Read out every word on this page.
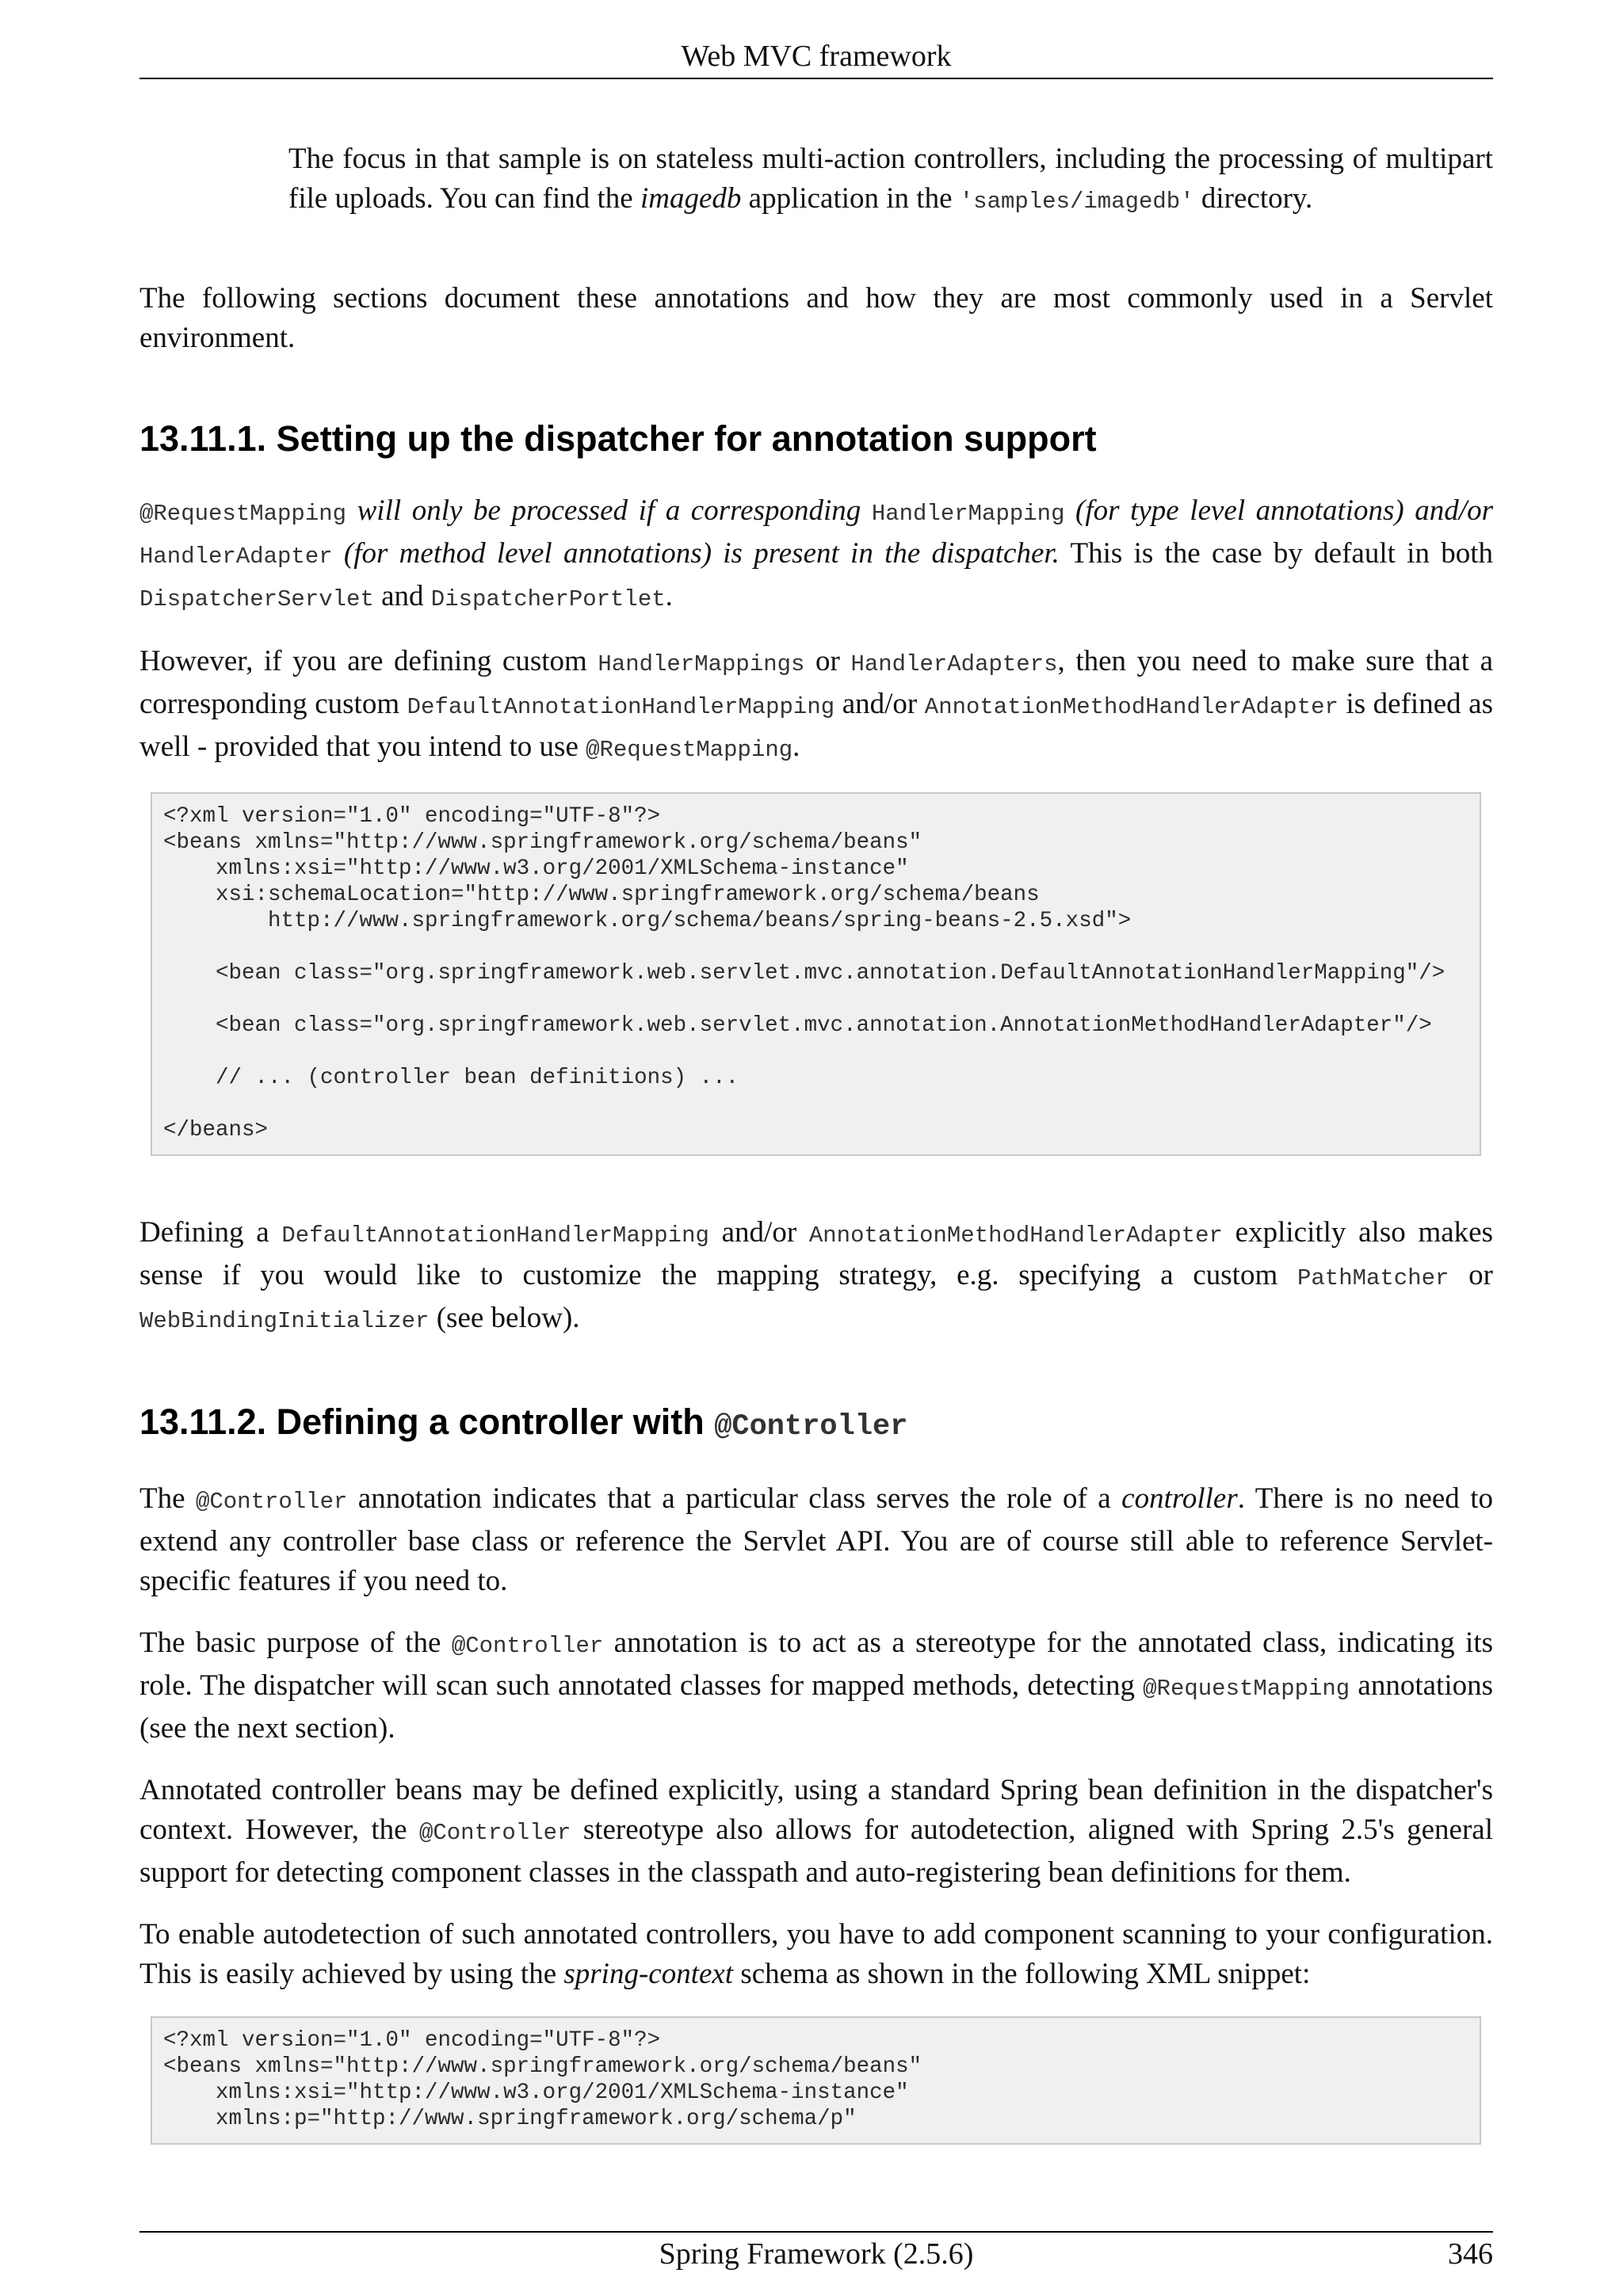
Web MVC framework
The focus in that sample is on stateless multi-action controllers, including the processing of multipart file uploads. You can find the imagedb application in the 'samples/imagedb' directory.

The following sections document these annotations and how they are most commonly used in a Servlet environment.

13.11.1. Setting up the dispatcher for annotation support

@RequestMapping will only be processed if a corresponding HandlerMapping (for type level annotations) and/or HandlerAdapter (for method level annotations) is present in the dispatcher. This is the case by default in both DispatcherServlet and DispatcherPortlet.

However, if you are defining custom HandlerMappings or HandlerAdapters, then you need to make sure that a corresponding custom DefaultAnnotationHandlerMapping and/or AnnotationMethodHandlerAdapter is defined as well - provided that you intend to use @RequestMapping.

<?xml version="1.0" encoding="UTF-8"?>
<beans xmlns="http://www.springframework.org/schema/beans"
xmlns:xsi="http://www.w3.org/2001/XMLSchema-instance"
xsi:schemaLocation="http://www.springframework.org/schema/beans
http://www.springframework.org/schema/beans/spring-beans-2.5.xsd">

<bean class="org.springframework.web.servlet.mvc.annotation.DefaultAnnotationHandlerMapping"/>

<bean class="org.springframework.web.servlet.mvc.annotation.AnnotationMethodHandlerAdapter"/>

// ... (controller bean definitions) ...

</beans>

Defining a DefaultAnnotationHandlerMapping and/or AnnotationMethodHandlerAdapter explicitly also makes sense if you would like to customize the mapping strategy, e.g. specifying a custom PathMatcher or WebBindingInitializer (see below).

13.11.2. Defining a controller with @Controller

The @Controller annotation indicates that a particular class serves the role of a controller. There is no need to extend any controller base class or reference the Servlet API. You are of course still able to reference Servlet-specific features if you need to.

The basic purpose of the @Controller annotation is to act as a stereotype for the annotated class, indicating its role. The dispatcher will scan such annotated classes for mapped methods, detecting @RequestMapping annotations (see the next section).

Annotated controller beans may be defined explicitly, using a standard Spring bean definition in the dispatcher's context. However, the @Controller stereotype also allows for autodetection, aligned with Spring 2.5's general support for detecting component classes in the classpath and auto-registering bean definitions for them.

To enable autodetection of such annotated controllers, you have to add component scanning to your configuration. This is easily achieved by using the spring-context schema as shown in the following XML snippet:

<?xml version="1.0" encoding="UTF-8"?>
<beans xmlns="http://www.springframework.org/schema/beans"
xmlns:xsi="http://www.w3.org/2001/XMLSchema-instance"
xmlns:p="http://www.springframework.org/schema/p"
Spring Framework (2.5.6)	346
